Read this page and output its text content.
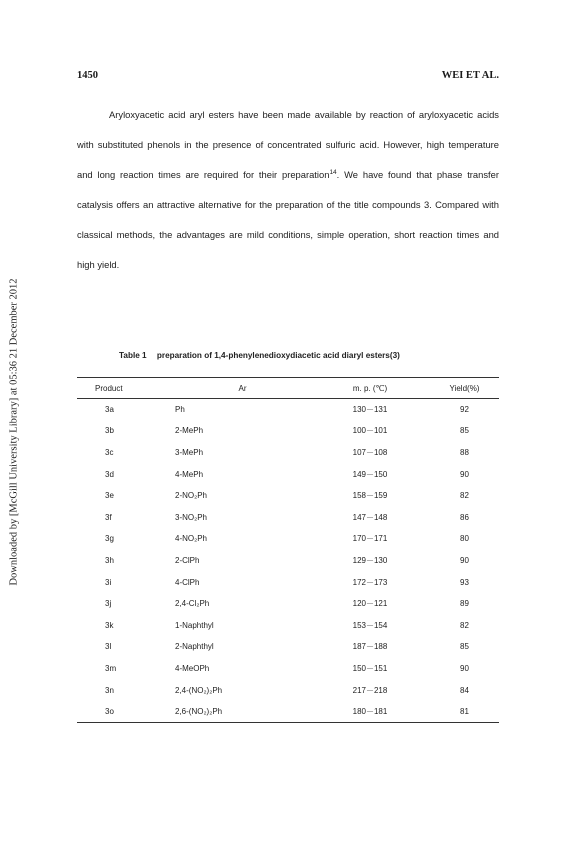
Downloaded by [McGill University Library] at 05:36 21 December 2012
1450	WEI ET AL.

Aryloxyacetic acid aryl esters have been made available by reaction of aryloxyacetic acids with substituted phenols in the presence of concentrated sulfuric acid. However, high temperature and long reaction times are required for their preparation$^{14}$. We have found that phase transfer catalysis offers an attractive alternative for the preparation of the title compounds 3. Compared with classical methods, the advantages are mild conditions, simple operation, short reaction times and high yield.

Table 1 preparation of 1,4-phenylenedioxydiacetic acid diaryl esters(3)
Product	Ar	m. p. (℃)	Yield(%)
3a	Ph	130－131	92
3b	2-MePh	100－101	85
3c	3-MePh	107－108	88
3d	4-MePh	149－150	90
3e	2-NO₂Ph	158－159	82
3f	3-NO₂Ph	147－148	86
3g	4-NO₂Ph	170－171	80
3h	2-ClPh	129－130	90
3i	4-ClPh	172－173	93
3j	2,4-Cl₂Ph	120－121	89
3k	1-Naphthyl	153－154	82
3l	2-Naphthyl	187－188	85
3m	4-MeOPh	150－151	90
3n	2,4-(NO₂)₂Ph	217－218	84
3o	2,6-(NO₂)₂Ph	180－181	81
